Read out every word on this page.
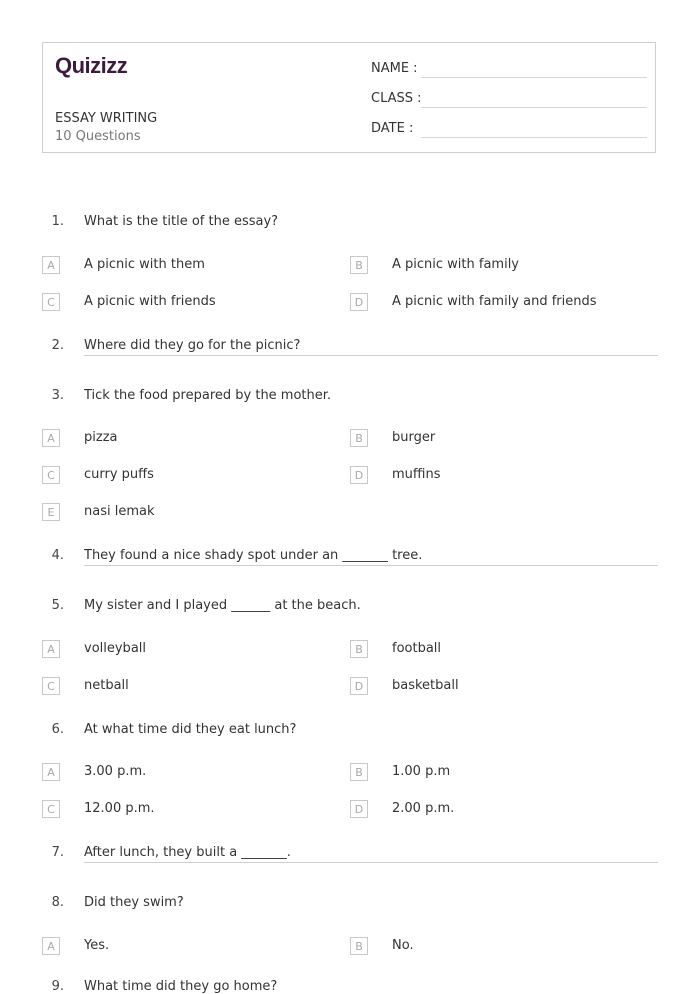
Quizizz
ESSAY WRITING
10 Questions
NAME :
CLASS :
DATE :
1. What is the title of the essay?
A	A picnic with them	B	A picnic with family
C	A picnic with friends	D	A picnic with family and friends
2. Where did they go for the picnic?
3. Tick the food prepared by the mother.
A	pizza	B	burger
C	curry puffs	D	muffins
E	nasi lemak
4. They found a nice shady spot under an _______ tree.
5. My sister and I played ______ at the beach.
A	volleyball	B	football
C	netball	D	basketball
6. At what time did they eat lunch?
A	3.00 p.m.	B	1.00 p.m
C	12.00 p.m.	D	2.00 p.m.
7. After lunch, they built a _______.
8. Did they swim?
A	Yes.	B	No.
9. What time did they go home?
